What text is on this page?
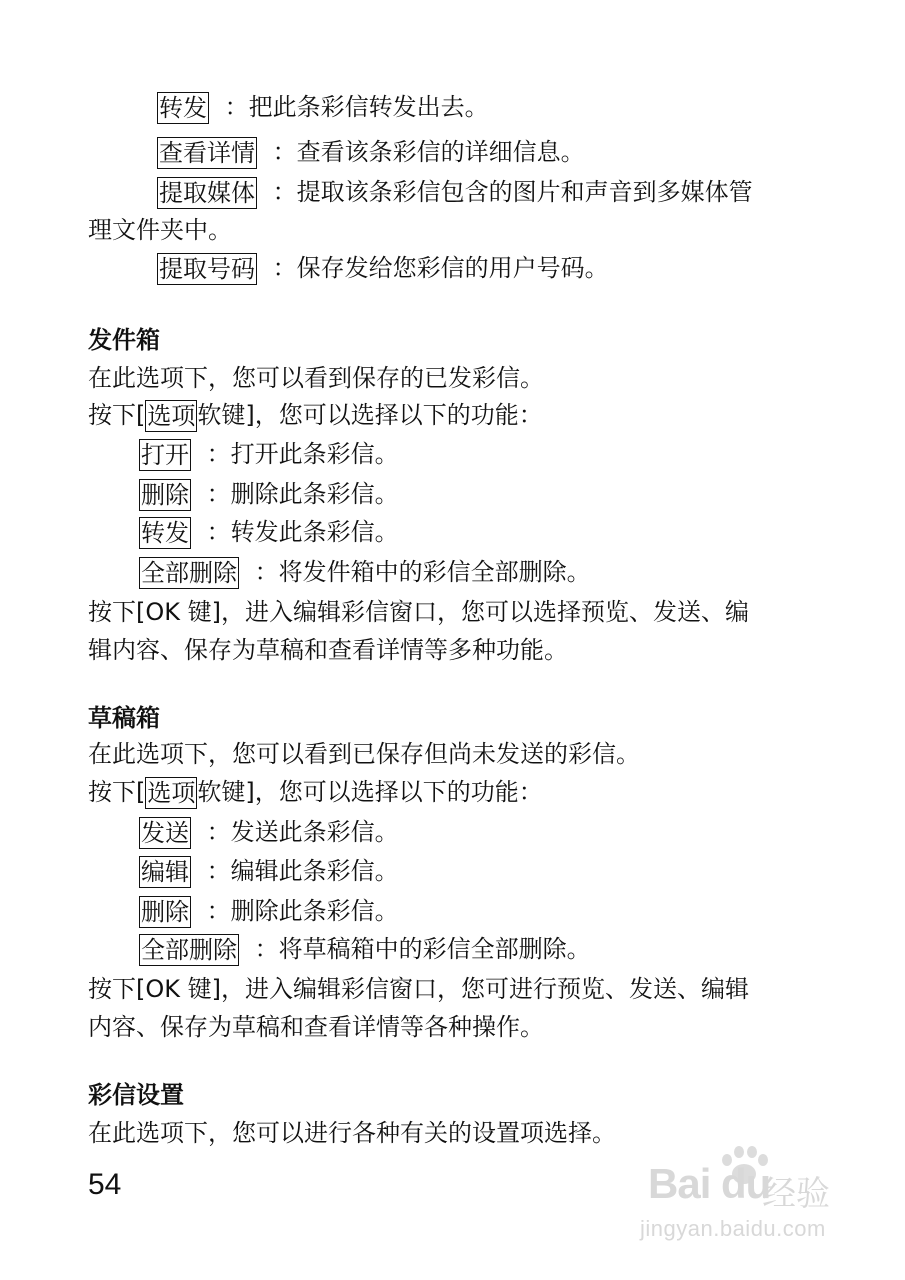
转发 ：把此条彩信转发出去。
查看详情 ：查看该条彩信的详细信息。
提取媒体 ：提取该条彩信包含的图片和声音到多媒体管
理文件夹中。
提取号码 ：保存发给您彩信的用户号码。
发件箱
在此选项下，您可以看到保存的已发彩信。
按下[选项软键]，您可以选择以下的功能：
打开 ：打开此条彩信。
删除 ：删除此条彩信。
转发 ：转发此条彩信。
全部删除 ：将发件箱中的彩信全部删除。
按下[OK 键]，进入编辑彩信窗口，您可以选择预览、发送、编
辑内容、保存为草稿和查看详情等多种功能。
草稿箱
在此选项下，您可以看到已保存但尚未发送的彩信。
按下[选项软键]，您可以选择以下的功能：
发送 ：发送此条彩信。
编辑 ：编辑此条彩信。
删除 ：删除此条彩信。
全部删除 ：将草稿箱中的彩信全部删除。
按下[OK 键]，进入编辑彩信窗口，您可进行预览、发送、编辑
内容、保存为草稿和查看详情等各种操作。
彩信设置
在此选项下，您可以进行各种有关的设置项选择。
54	Bai du
经验
jingyan.baidu.com
